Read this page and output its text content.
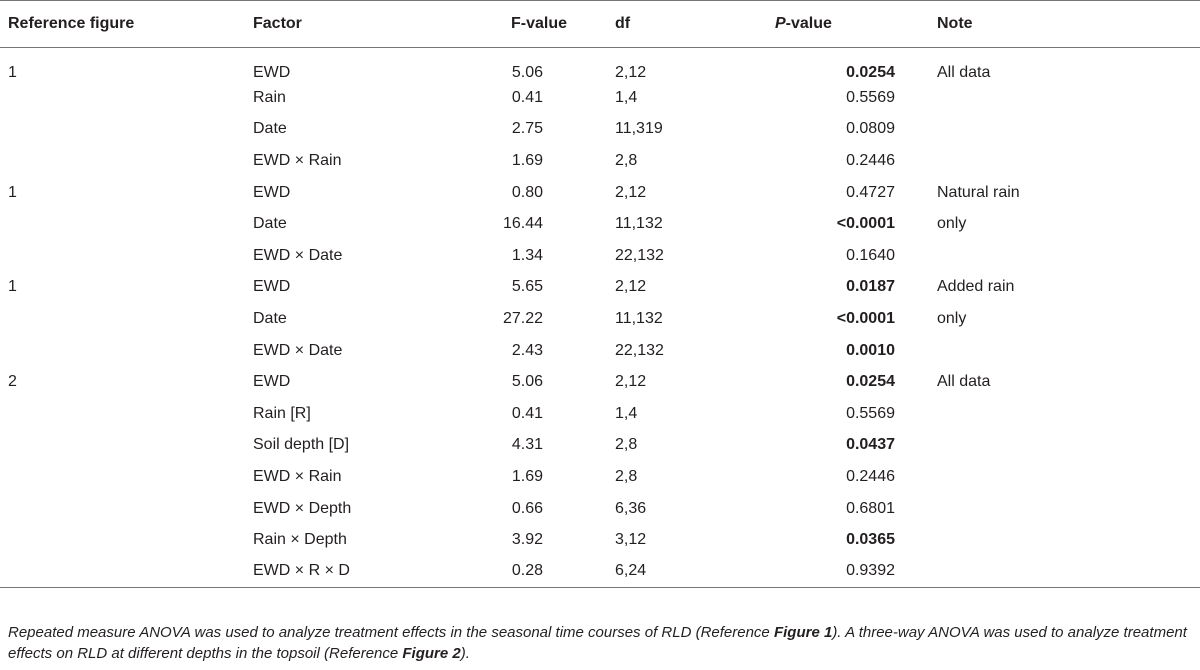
Reference figure	Factor	F-value	df	P-value	Note
1	EWD	5.06	2,12	0.0254	All data
	Rain	0.41	1,4	0.5569	
	Date	2.75	11,319	0.0809	
	EWD × Rain	1.69	2,8	0.2446	
1	EWD	0.80	2,12	0.4727	Natural rain
	Date	16.44	11,132	<0.0001	only
	EWD × Date	1.34	22,132	0.1640	
1	EWD	5.65	2,12	0.0187	Added rain
	Date	27.22	11,132	<0.0001	only
	EWD × Date	2.43	22,132	0.0010	
2	EWD	5.06	2,12	0.0254	All data
	Rain [R]	0.41	1,4	0.5569	
	Soil depth [D]	4.31	2,8	0.0437	
	EWD × Rain	1.69	2,8	0.2446	
	EWD × Depth	0.66	6,36	0.6801	
	Rain × Depth	3.92	3,12	0.0365	
	EWD × R × D	0.28	6,24	0.9392	
Repeated measure ANOVA was used to analyze treatment effects in the seasonal time courses of RLD (Reference Figure 1). A three-way ANOVA was used to analyze treatment effects on RLD at different depths in the topsoil (Reference Figure 2).
